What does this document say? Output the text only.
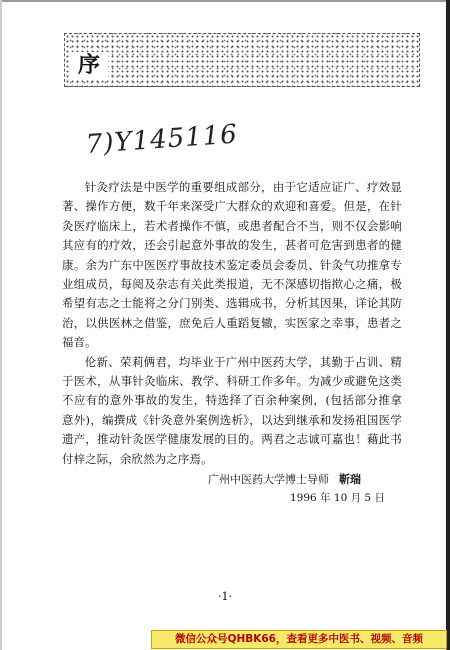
序
7)Y145116

针灸疗法是中医学的重要组成部分，由于它适应证广、疗效显著、操作方便，数千年来深受广大群众的欢迎和喜爱。但是，在针灸医疗临床上，若术者操作不慎，或患者配合不当，则不仅会影响其应有的疗效，还会引起意外事故的发生，甚者可危害到患者的健康。余为广东中医医疗事故技术鉴定委员会委员、针灸气功推拿专业组成员，每阅及杂志有关此类报道，无不深感切指揿心之痛，极希望有志之士能将之分门别类、选辑成书，分析其因果，详论其防治，以供医林之借鉴，庶免后人重蹈复辙，实医家之幸事，患者之福音。

伦新、荣莉俩君，均毕业于广州中医药大学，其勤于占训、精于医术，从事针灸临床、教学、科研工作多年。为减少或避免这类不应有的意外事故的发生，特选择了百余种案例，(包括部分推拿意外)，编撰成《针灸意外案例选析》，以达到继承和发扬祖国医学遗产，推动针灸医学健康发展的目的。两君之志诚可嘉也！藉此书付梓之际，余欣然为之序焉。

广州中医药大学博士导师 靳瑞
1996 年 10 月 5 日
·1·
微信公众号QHBK66，查看更多中医书、视频、音频
